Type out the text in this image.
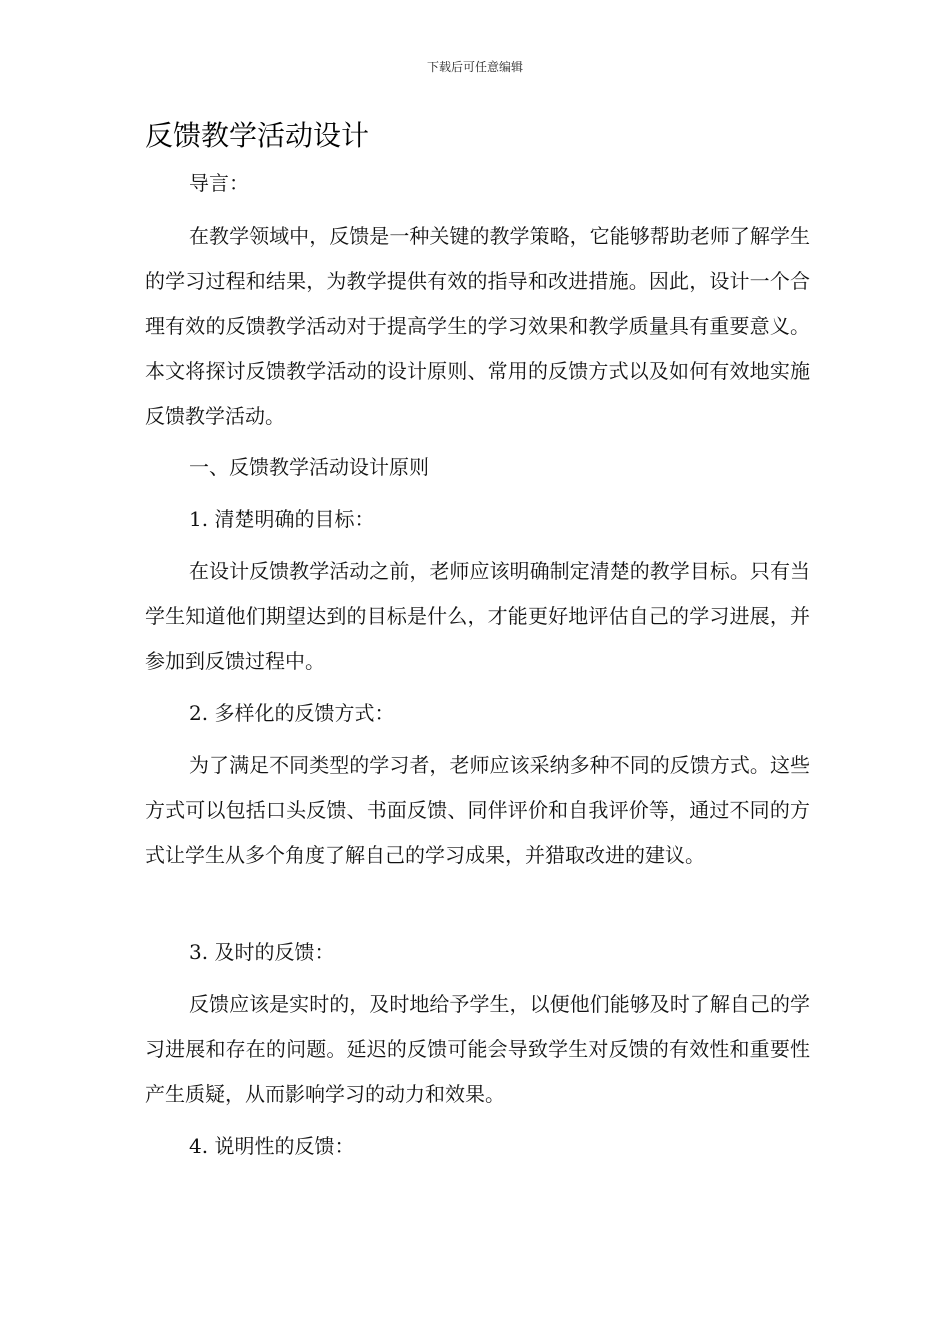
下载后可任意编辑
反馈教学活动设计

导言：

在教学领域中，反馈是一种关键的教学策略，它能够帮助老师了解学生的学习过程和结果，为教学提供有效的指导和改进措施。因此，设计一个合理有效的反馈教学活动对于提高学生的学习效果和教学质量具有重要意义。本文将探讨反馈教学活动的设计原则、常用的反馈方式以及如何有效地实施反馈教学活动。

一、反馈教学活动设计原则

1. 清楚明确的目标：

在设计反馈教学活动之前，老师应该明确制定清楚的教学目标。只有当学生知道他们期望达到的目标是什么，才能更好地评估自己的学习进展，并参加到反馈过程中。

2. 多样化的反馈方式：

为了满足不同类型的学习者，老师应该采纳多种不同的反馈方式。这些方式可以包括口头反馈、书面反馈、同伴评价和自我评价等，通过不同的方式让学生从多个角度了解自己的学习成果，并猎取改进的建议。

3. 及时的反馈：

反馈应该是实时的，及时地给予学生，以便他们能够及时了解自己的学习进展和存在的问题。延迟的反馈可能会导致学生对反馈的有效性和重要性产生质疑，从而影响学习的动力和效果。

4. 说明性的反馈：
